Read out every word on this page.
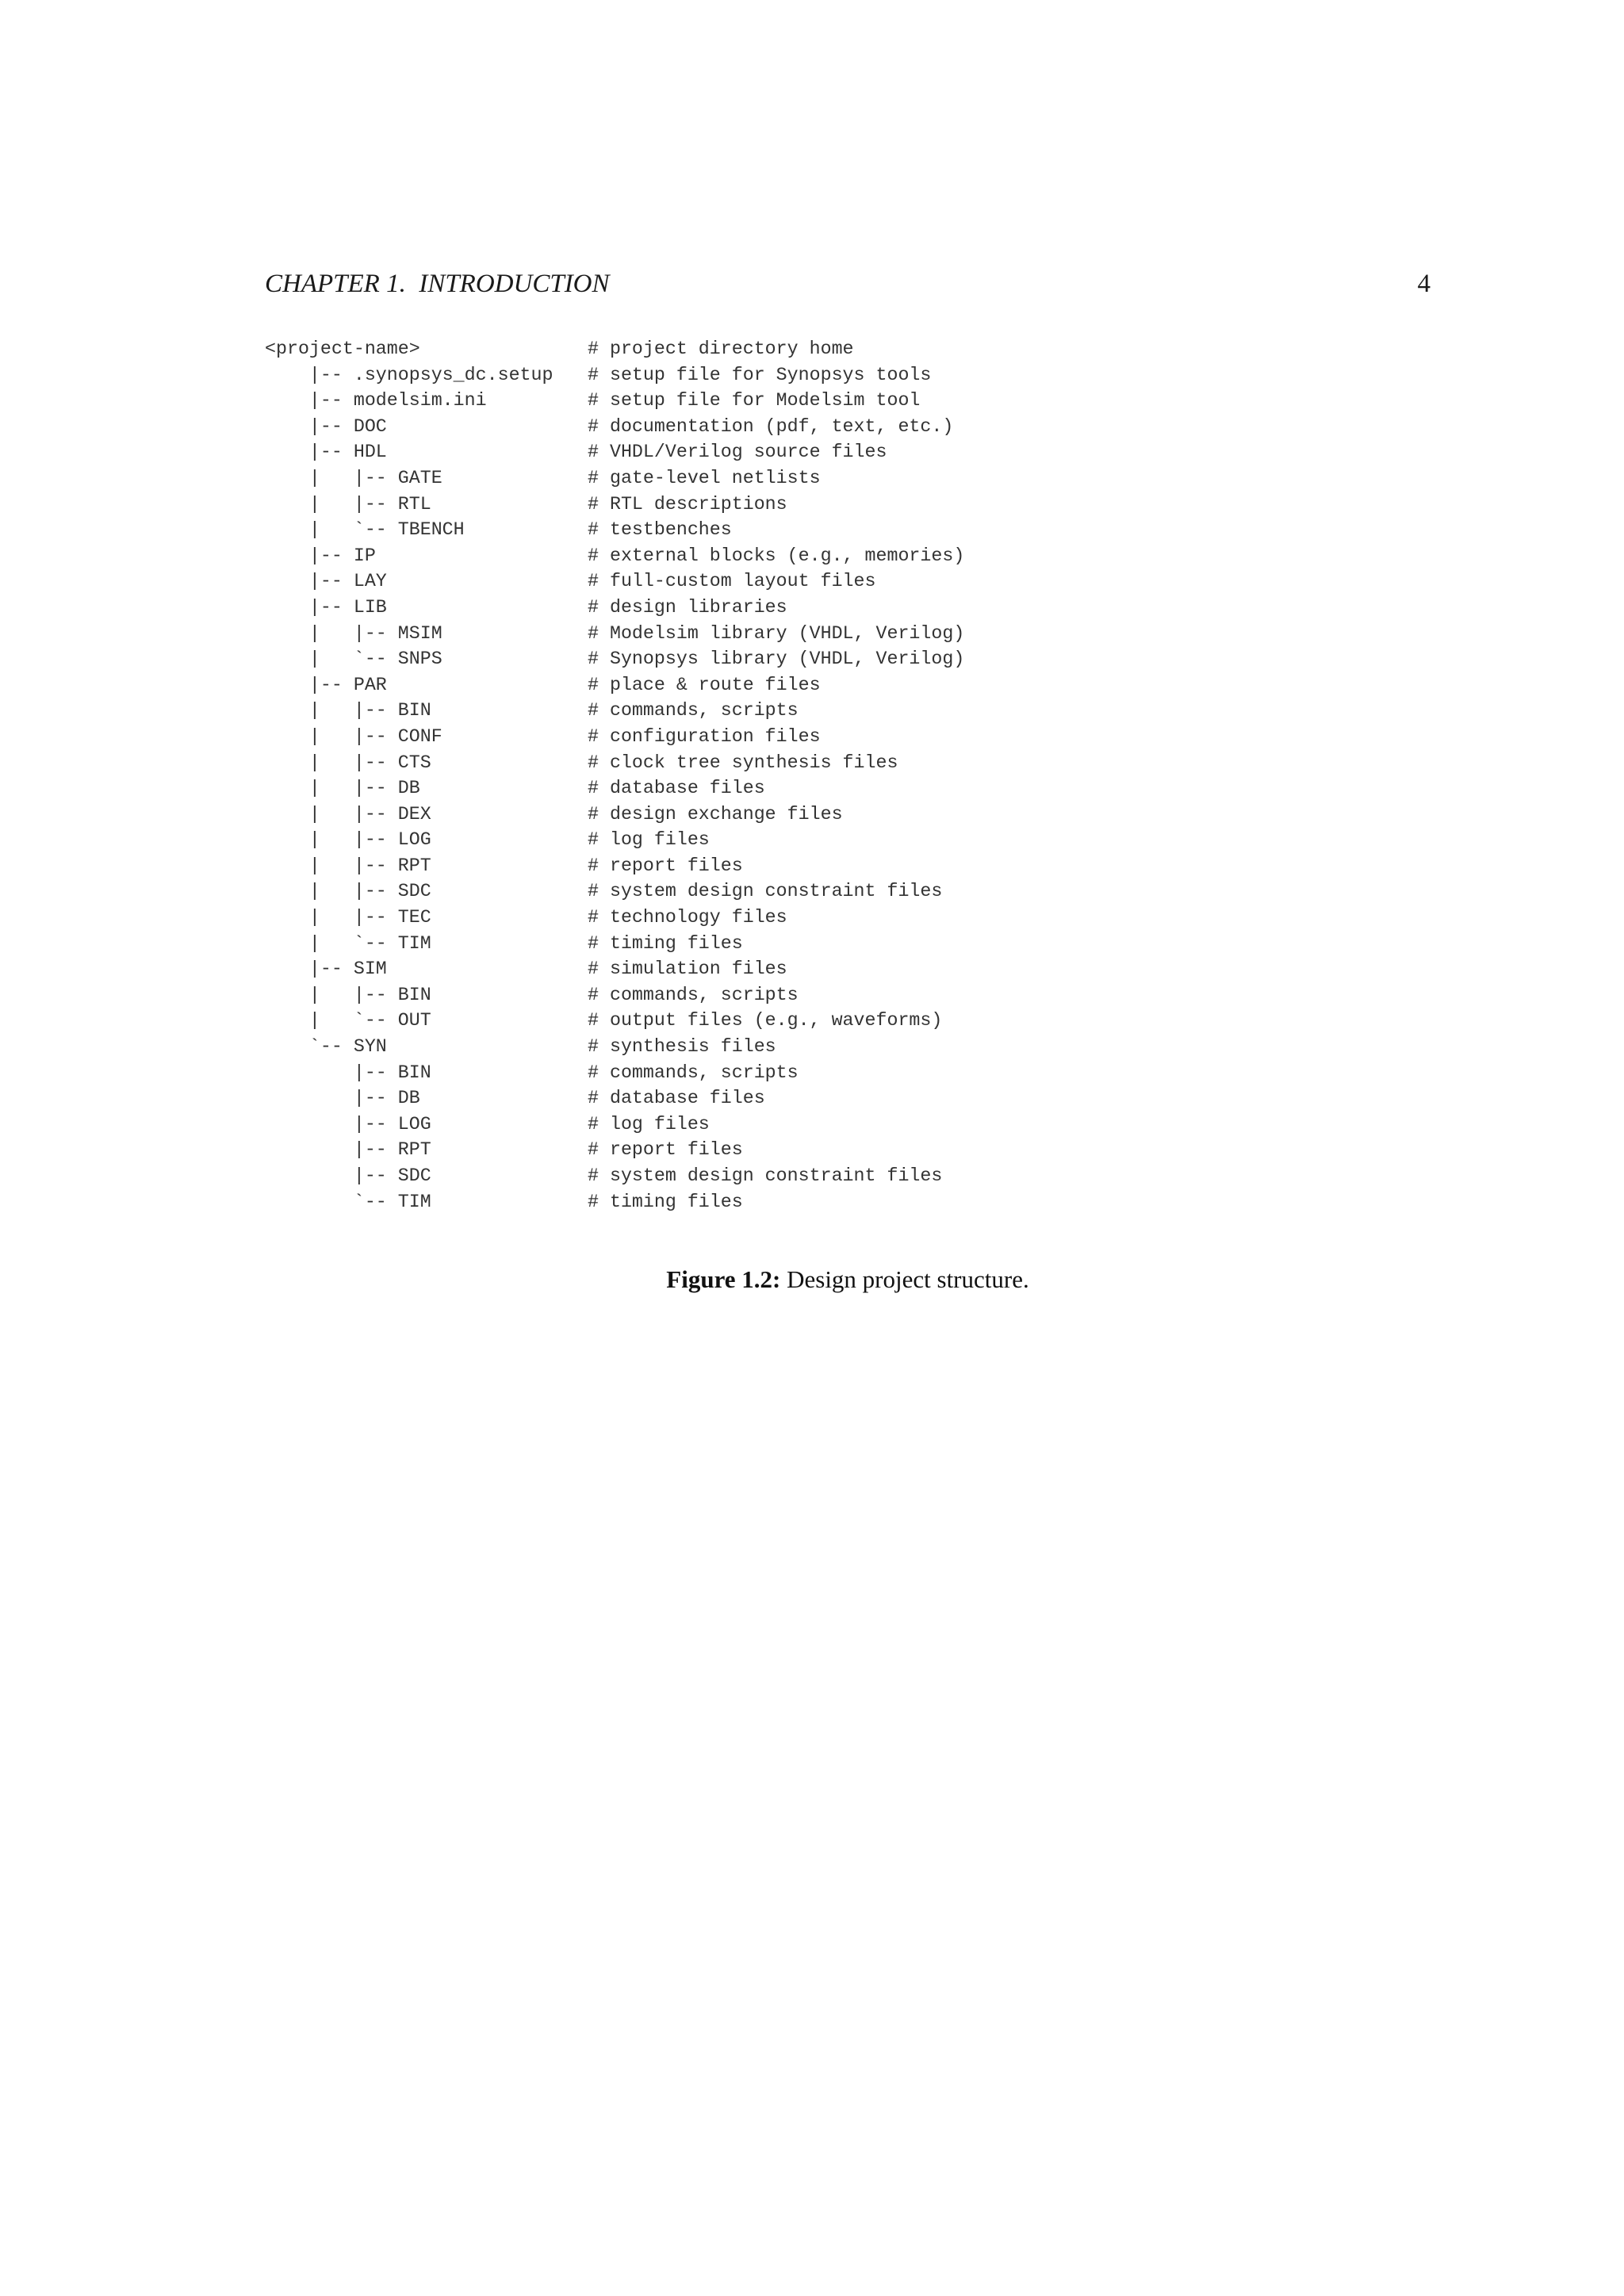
CHAPTER 1.  INTRODUCTION	4
<project-name>	# project directory home
|-- .synopsys_dc.setup # setup file for Synopsys tools
|-- modelsim.ini	# setup file for Modelsim tool
|-- DOC	# documentation (pdf, text, etc.)
|-- HDL	# VHDL/Verilog source files
|   |-- GATE	# gate-level netlists
|   |-- RTL	# RTL descriptions
|   `-- TBENCH	# testbenches
|-- IP	# external blocks (e.g., memories)
|-- LAY	# full-custom layout files
|-- LIB	# design libraries
|   |-- MSIM	# Modelsim library (VHDL, Verilog)
|   `-- SNPS	# Synopsys library (VHDL, Verilog)
|-- PAR	# place & route files
|   |-- BIN	# commands, scripts
|   |-- CONF	# configuration files
|   |-- CTS	# clock tree synthesis files
|   |-- DB	# database files
|   |-- DEX	# design exchange files
|   |-- LOG	# log files
|   |-- RPT	# report files
|   |-- SDC	# system design constraint files
|   |-- TEC	# technology files
|   `-- TIM	# timing files
|-- SIM	# simulation files
|   |-- BIN	# commands, scripts
|   `-- OUT	# output files (e.g., waveforms)
`-- SYN	# synthesis files
|-- BIN	# commands, scripts
|-- DB	# database files
|-- LOG	# log files
|-- RPT	# report files
|-- SDC	# system design constraint files
`-- TIM	# timing files
Figure 1.2: Design project structure.
